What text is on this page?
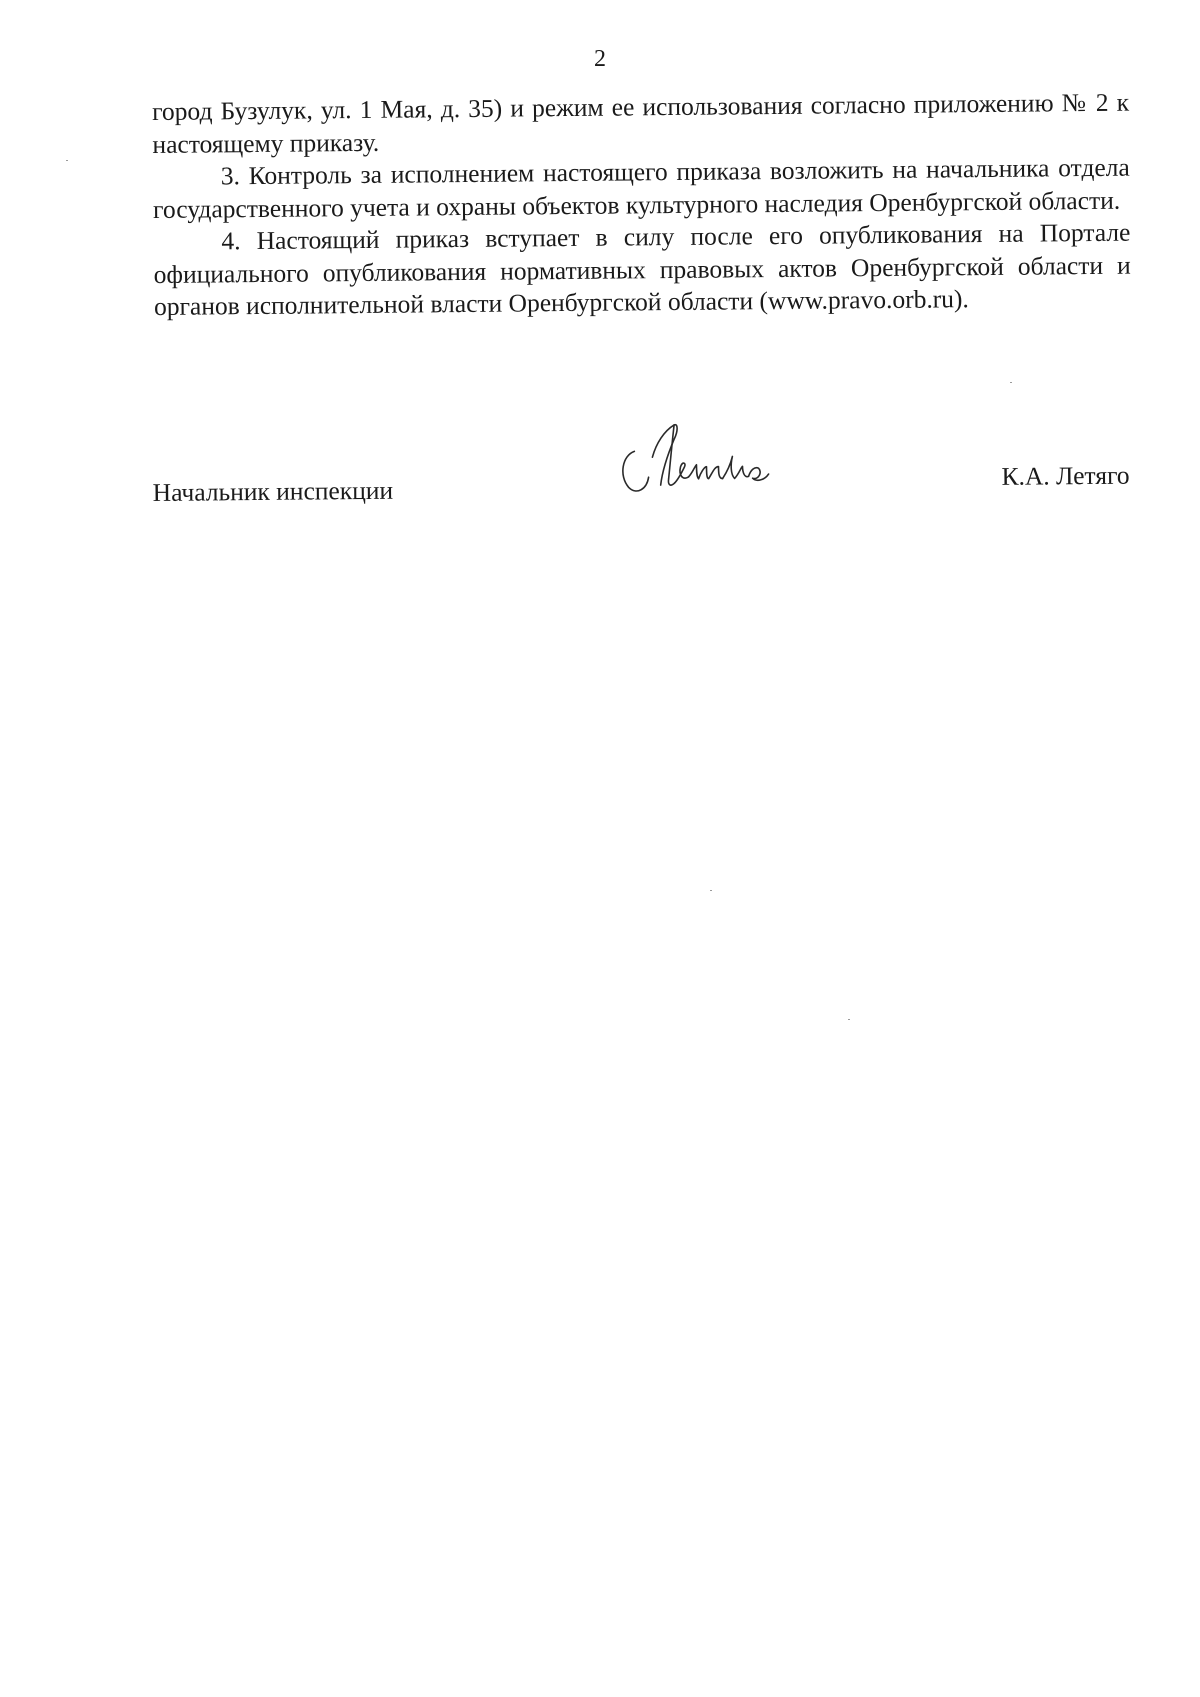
2

город Бузулук, ул. 1 Мая, д. 35) и режим ее использования согласно приложению № 2 к настоящему приказу.

3. Контроль за исполнением настоящего приказа возложить на начальника отдела государственного учета и охраны объектов культурного наследия Оренбургской области.

4. Настоящий приказ вступает в силу после его опубликования на Портале официального опубликования нормативных правовых актов Оренбургской области и органов исполнительной власти Оренбургской области (www.pravo.orb.ru).

Начальник инспекции	К.А. Летяго
